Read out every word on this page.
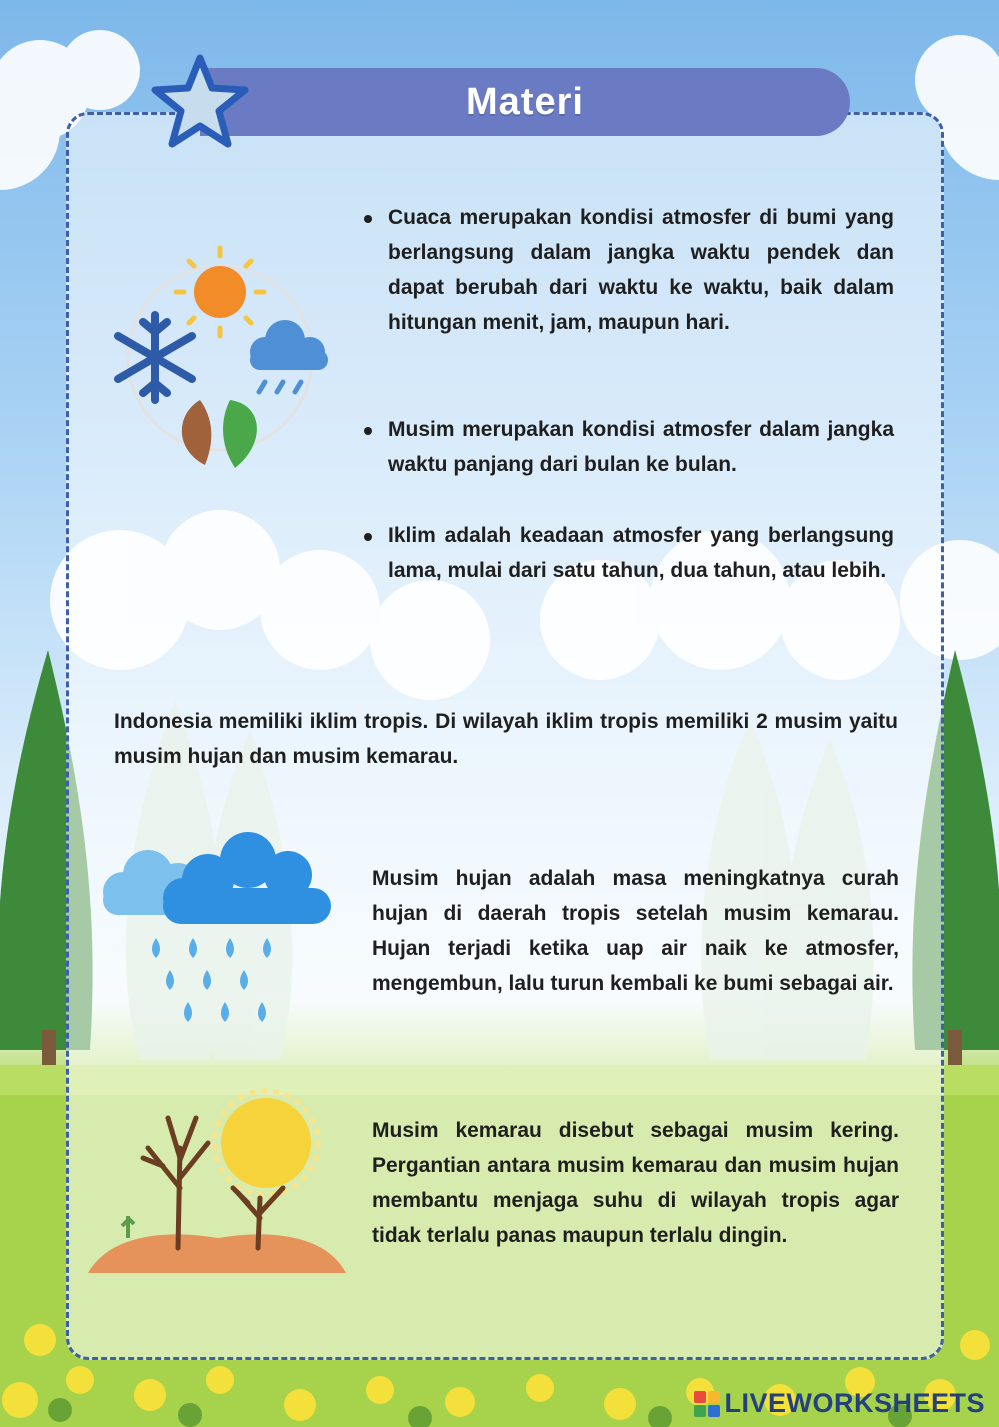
Materi
Cuaca merupakan kondisi atmosfer di bumi yang berlangsung dalam jangka waktu pendek dan dapat berubah dari waktu ke waktu, baik dalam hitungan menit, jam, maupun hari.
Musim merupakan kondisi atmosfer dalam jangka waktu panjang dari bulan ke bulan.
Iklim adalah keadaan atmosfer yang berlangsung lama, mulai dari satu tahun, dua tahun, atau lebih.
Indonesia memiliki iklim tropis. Di wilayah iklim tropis memiliki 2 musim yaitu musim hujan dan musim kemarau.
Musim hujan adalah masa meningkatnya curah hujan di daerah tropis setelah musim kemarau. Hujan terjadi ketika uap air naik ke atmosfer, mengembun, lalu turun kembali ke bumi sebagai air.
Musim kemarau disebut sebagai musim kering. Pergantian antara musim kemarau dan musim hujan membantu menjaga suhu di wilayah tropis agar tidak terlalu panas maupun terlalu dingin.
LIVEWORKSHEETS
